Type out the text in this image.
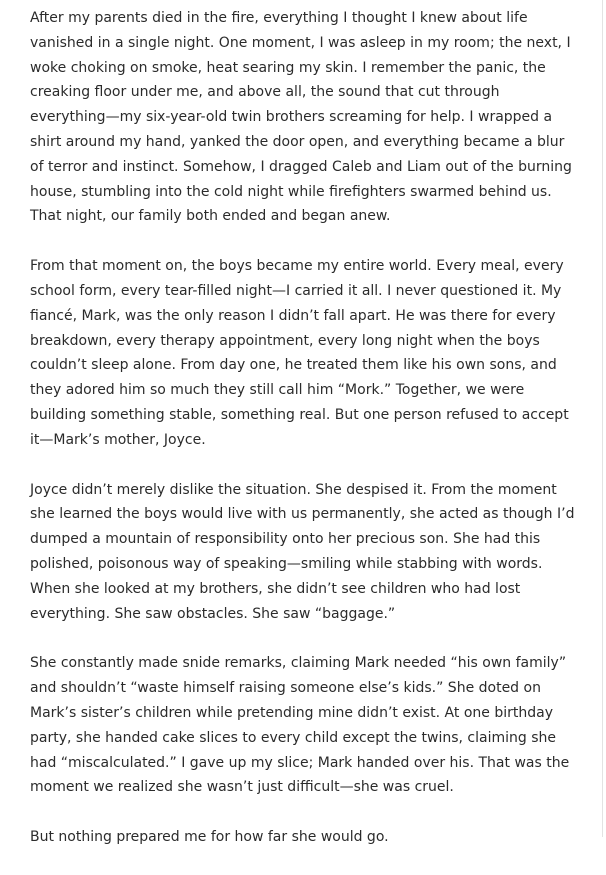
After my parents died in the fire, everything I thought I knew about life vanished in a single night. One moment, I was asleep in my room; the next, I woke choking on smoke, heat searing my skin. I remember the panic, the creaking floor under me, and above all, the sound that cut through everything—my six-year-old twin brothers screaming for help. I wrapped a shirt around my hand, yanked the door open, and everything became a blur of terror and instinct. Somehow, I dragged Caleb and Liam out of the burning house, stumbling into the cold night while firefighters swarmed behind us. That night, our family both ended and began anew.

From that moment on, the boys became my entire world. Every meal, every school form, every tear-filled night—I carried it all. I never questioned it. My fiancé, Mark, was the only reason I didn’t fall apart. He was there for every breakdown, every therapy appointment, every long night when the boys couldn’t sleep alone. From day one, he treated them like his own sons, and they adored him so much they still call him “Mork.” Together, we were building something stable, something real. But one person refused to accept it—Mark’s mother, Joyce.

Joyce didn’t merely dislike the situation. She despised it. From the moment she learned the boys would live with us permanently, she acted as though I’d dumped a mountain of responsibility onto her precious son. She had this polished, poisonous way of speaking—smiling while stabbing with words. When she looked at my brothers, she didn’t see children who had lost everything. She saw obstacles. She saw “baggage.”

She constantly made snide remarks, claiming Mark needed “his own family” and shouldn’t “waste himself raising someone else’s kids.” She doted on Mark’s sister’s children while pretending mine didn’t exist. At one birthday party, she handed cake slices to every child except the twins, claiming she had “miscalculated.” I gave up my slice; Mark handed over his. That was the moment we realized she wasn’t just difficult—she was cruel.

But nothing prepared me for how far she would go.
